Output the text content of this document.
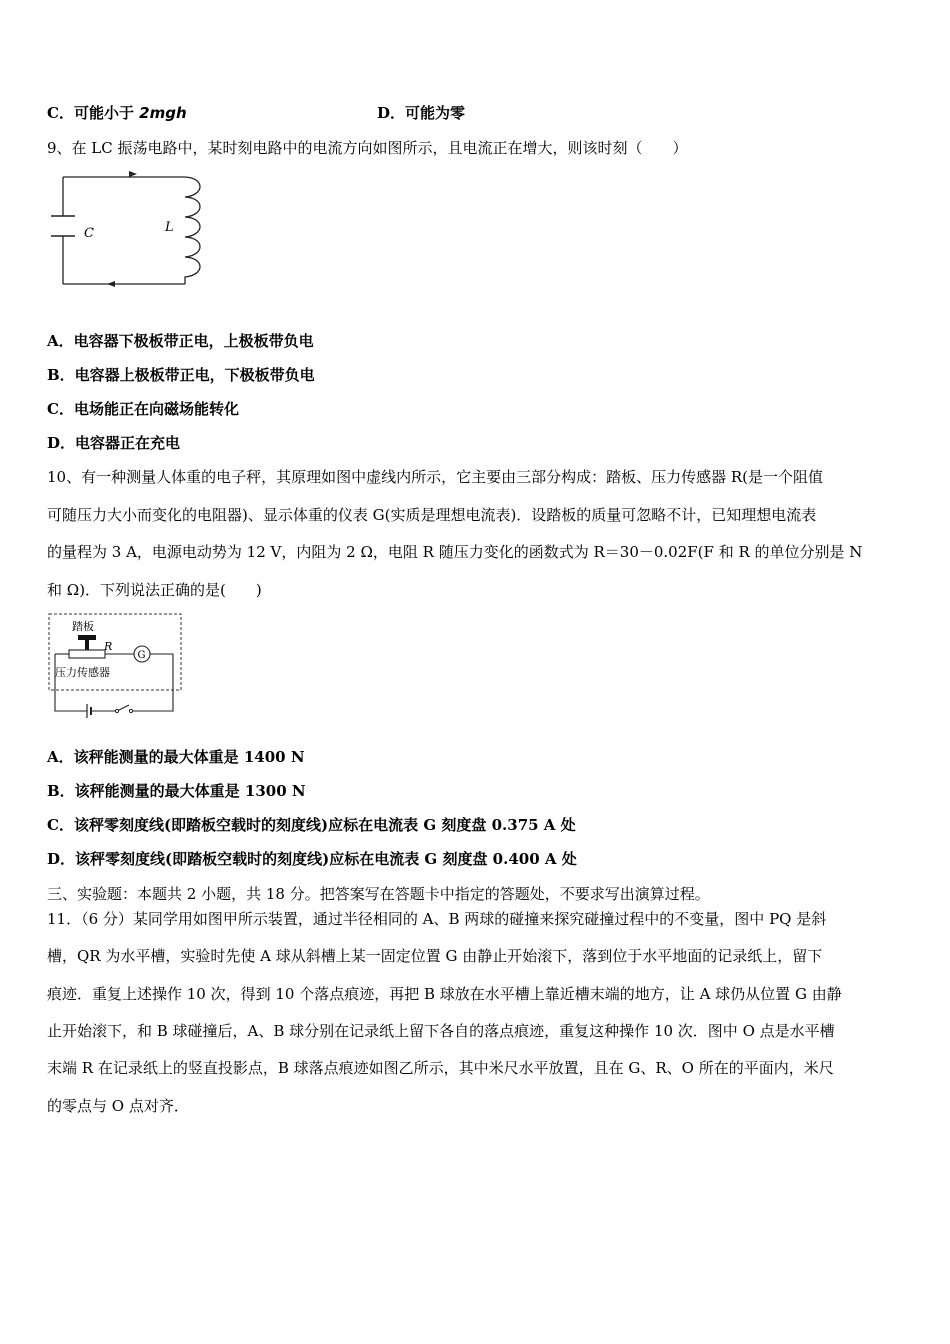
C．可能小于 2mgh	D．可能为零
9、在 LC 振荡电路中，某时刻电路中的电流方向如图所示，且电流正在增大，则该时刻（　　）
C	L
A．电容器下极板带正电，上极板带负电
B．电容器上极板带正电，下极板带负电
C．电场能正在向磁场能转化
D．电容器正在充电
10、有一种测量人体重的电子秤，其原理如图中虚线内所示，它主要由三部分构成：踏板、压力传感器 R(是一个阻值
可随压力大小而变化的电阻器)、显示体重的仪表 G(实质是理想电流表)．设踏板的质量可忽略不计，已知理想电流表
的量程为 3 A，电源电动势为 12 V，内阻为 2 Ω，电阻 R 随压力变化的函数式为 R＝30－0.02F(F 和 R 的单位分别是 N
和 Ω)．下列说法正确的是(　　)
踏板
R
G
压力传感器
A．该秤能测量的最大体重是 1400 N
B．该秤能测量的最大体重是 1300 N
C．该秤零刻度线(即踏板空载时的刻度线)应标在电流表 G 刻度盘 0.375 A 处
D．该秤零刻度线(即踏板空载时的刻度线)应标在电流表 G 刻度盘 0.400 A 处
三、实验题：本题共 2 小题，共 18 分。把答案写在答题卡中指定的答题处，不要求写出演算过程。
11．（6 分）某同学用如图甲所示装置，通过半径相同的 A、B 两球的碰撞来探究碰撞过程中的不变量，图中 PQ 是斜
槽，QR 为水平槽，实验时先使 A 球从斜槽上某一固定位置 G 由静止开始滚下，落到位于水平地面的记录纸上，留下
痕迹．重复上述操作 10 次，得到 10 个落点痕迹，再把 B 球放在水平槽上靠近槽末端的地方，让 A 球仍从位置 G 由静
止开始滚下，和 B 球碰撞后，A、B 球分别在记录纸上留下各自的落点痕迹，重复这种操作 10 次．图中 O 点是水平槽
末端 R 在记录纸上的竖直投影点，B 球落点痕迹如图乙所示，其中米尺水平放置，且在 G、R、O 所在的平面内，米尺
的零点与 O 点对齐．
